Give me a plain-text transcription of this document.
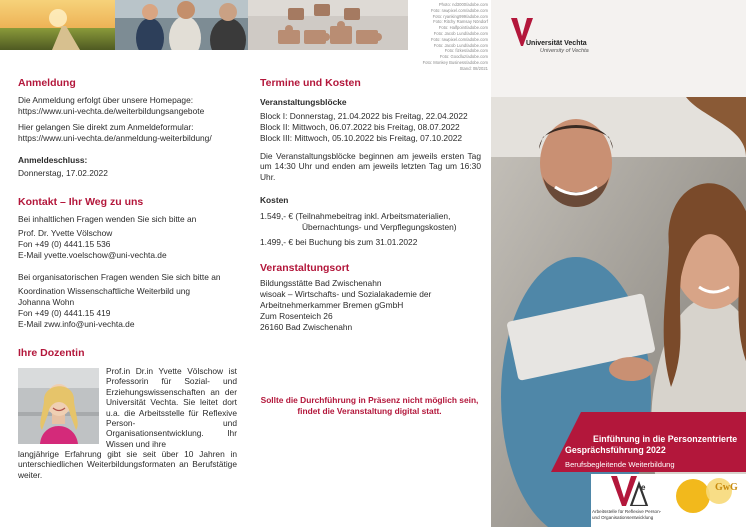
Anmeldung

Die Anmeldung erfolgt über unsere Homepage:

https://www.uni-vechta.de/weiterbildungsangebote

Hier gelangen Sie direkt zum Anmeldeformular:

https://www.uni-vechta.de/anmeldung-weiterbildung/

Anmeldeschluss:

Donnerstag, 17.02.2022

Kontakt – Ihr Weg zu uns

Bei inhaltlichen Fragen wenden Sie sich bitte an

Prof. Dr. Yvette Völschow

Fon +49 (0) 4441.15 536

E-Mail yvette.voelschow@uni-vechta.de

Bei organisatorischen Fragen wenden Sie sich bitte an

Koordination Wissenschaftliche Weiterbild ung

Johanna Wohn

Fon +49 (0) 4441.15 419

E-Mail zww.info@uni-vechta.de

Ihre Dozentin

Prof.in Dr.in Yvette Völschow ist Professorin für Sozial- und Erziehungswissenschaften an der Universität Vechta. Sie leitet dort u.a. die Arbeitsstelle für Reflexive Person- und Organisationsentwicklung. Ihr Wissen und ihre

langjährige Erfahrung gibt sie seit über 10 Jahren in unterschiedlichen Weiterbildungsformaten an Berufstätige weiter.

Photo: nd3000/adobe.com
Foto: rawpixel.com/adobe.com
Foto: ryanking999/adobe.com
Foto: Ritchy Ramsay Nöndorf
Foto: Halfpoint/adobe.com
Foto: Jacob Lund/adobe.com
Foto: rawpixel.com/adobe.com
Foto: Jacob Lund/adobe.com
Foto: fizkes/adobe.com
Foto: Goodluz/adobe.com
Foto: Monkey Business/adobe.com
Stand: 08/2021
Termine und Kosten

Veranstaltungsblöcke

Block I: Donnerstag, 21.04.2022 bis Freitag, 22.04.2022

Block II: Mittwoch, 06.07.2022 bis Freitag, 08.07.2022

Block III: Mittwoch, 05.10.2022 bis Freitag, 07.10.2022

Die Veranstaltungsblöcke beginnen am jeweils ersten Tag um 14:30 Uhr und enden am jeweils letzten Tag um 16:30 Uhr.

Kosten

1.549,- € (Teilnahmebeitrag inkl. Arbeitsmaterialien,

Übernachtungs- und Verpflegungskosten)

1.499,- € bei Buchung bis zum 31.01.2022

Veranstaltungsort

Bildungsstätte Bad Zwischenahn

wisoak – Wirtschafts- und Sozialakademie der

Arbeitnehmerkammer Bremen gGmbH

Zum Rosenteich 26

26160 Bad Zwischenahn

Sollte die Durchführung in Präsenz nicht möglich sein,

findet die Veranstaltung digital statt.

Universität Vechta
University of Vechta
Einführung in die Personzentrierte
Gesprächsführung 2022
Berufsbegleitende Weiterbildung
e
Arbeitsstelle für Reflexive Person-
und Organisationsentwicklung
GwG
